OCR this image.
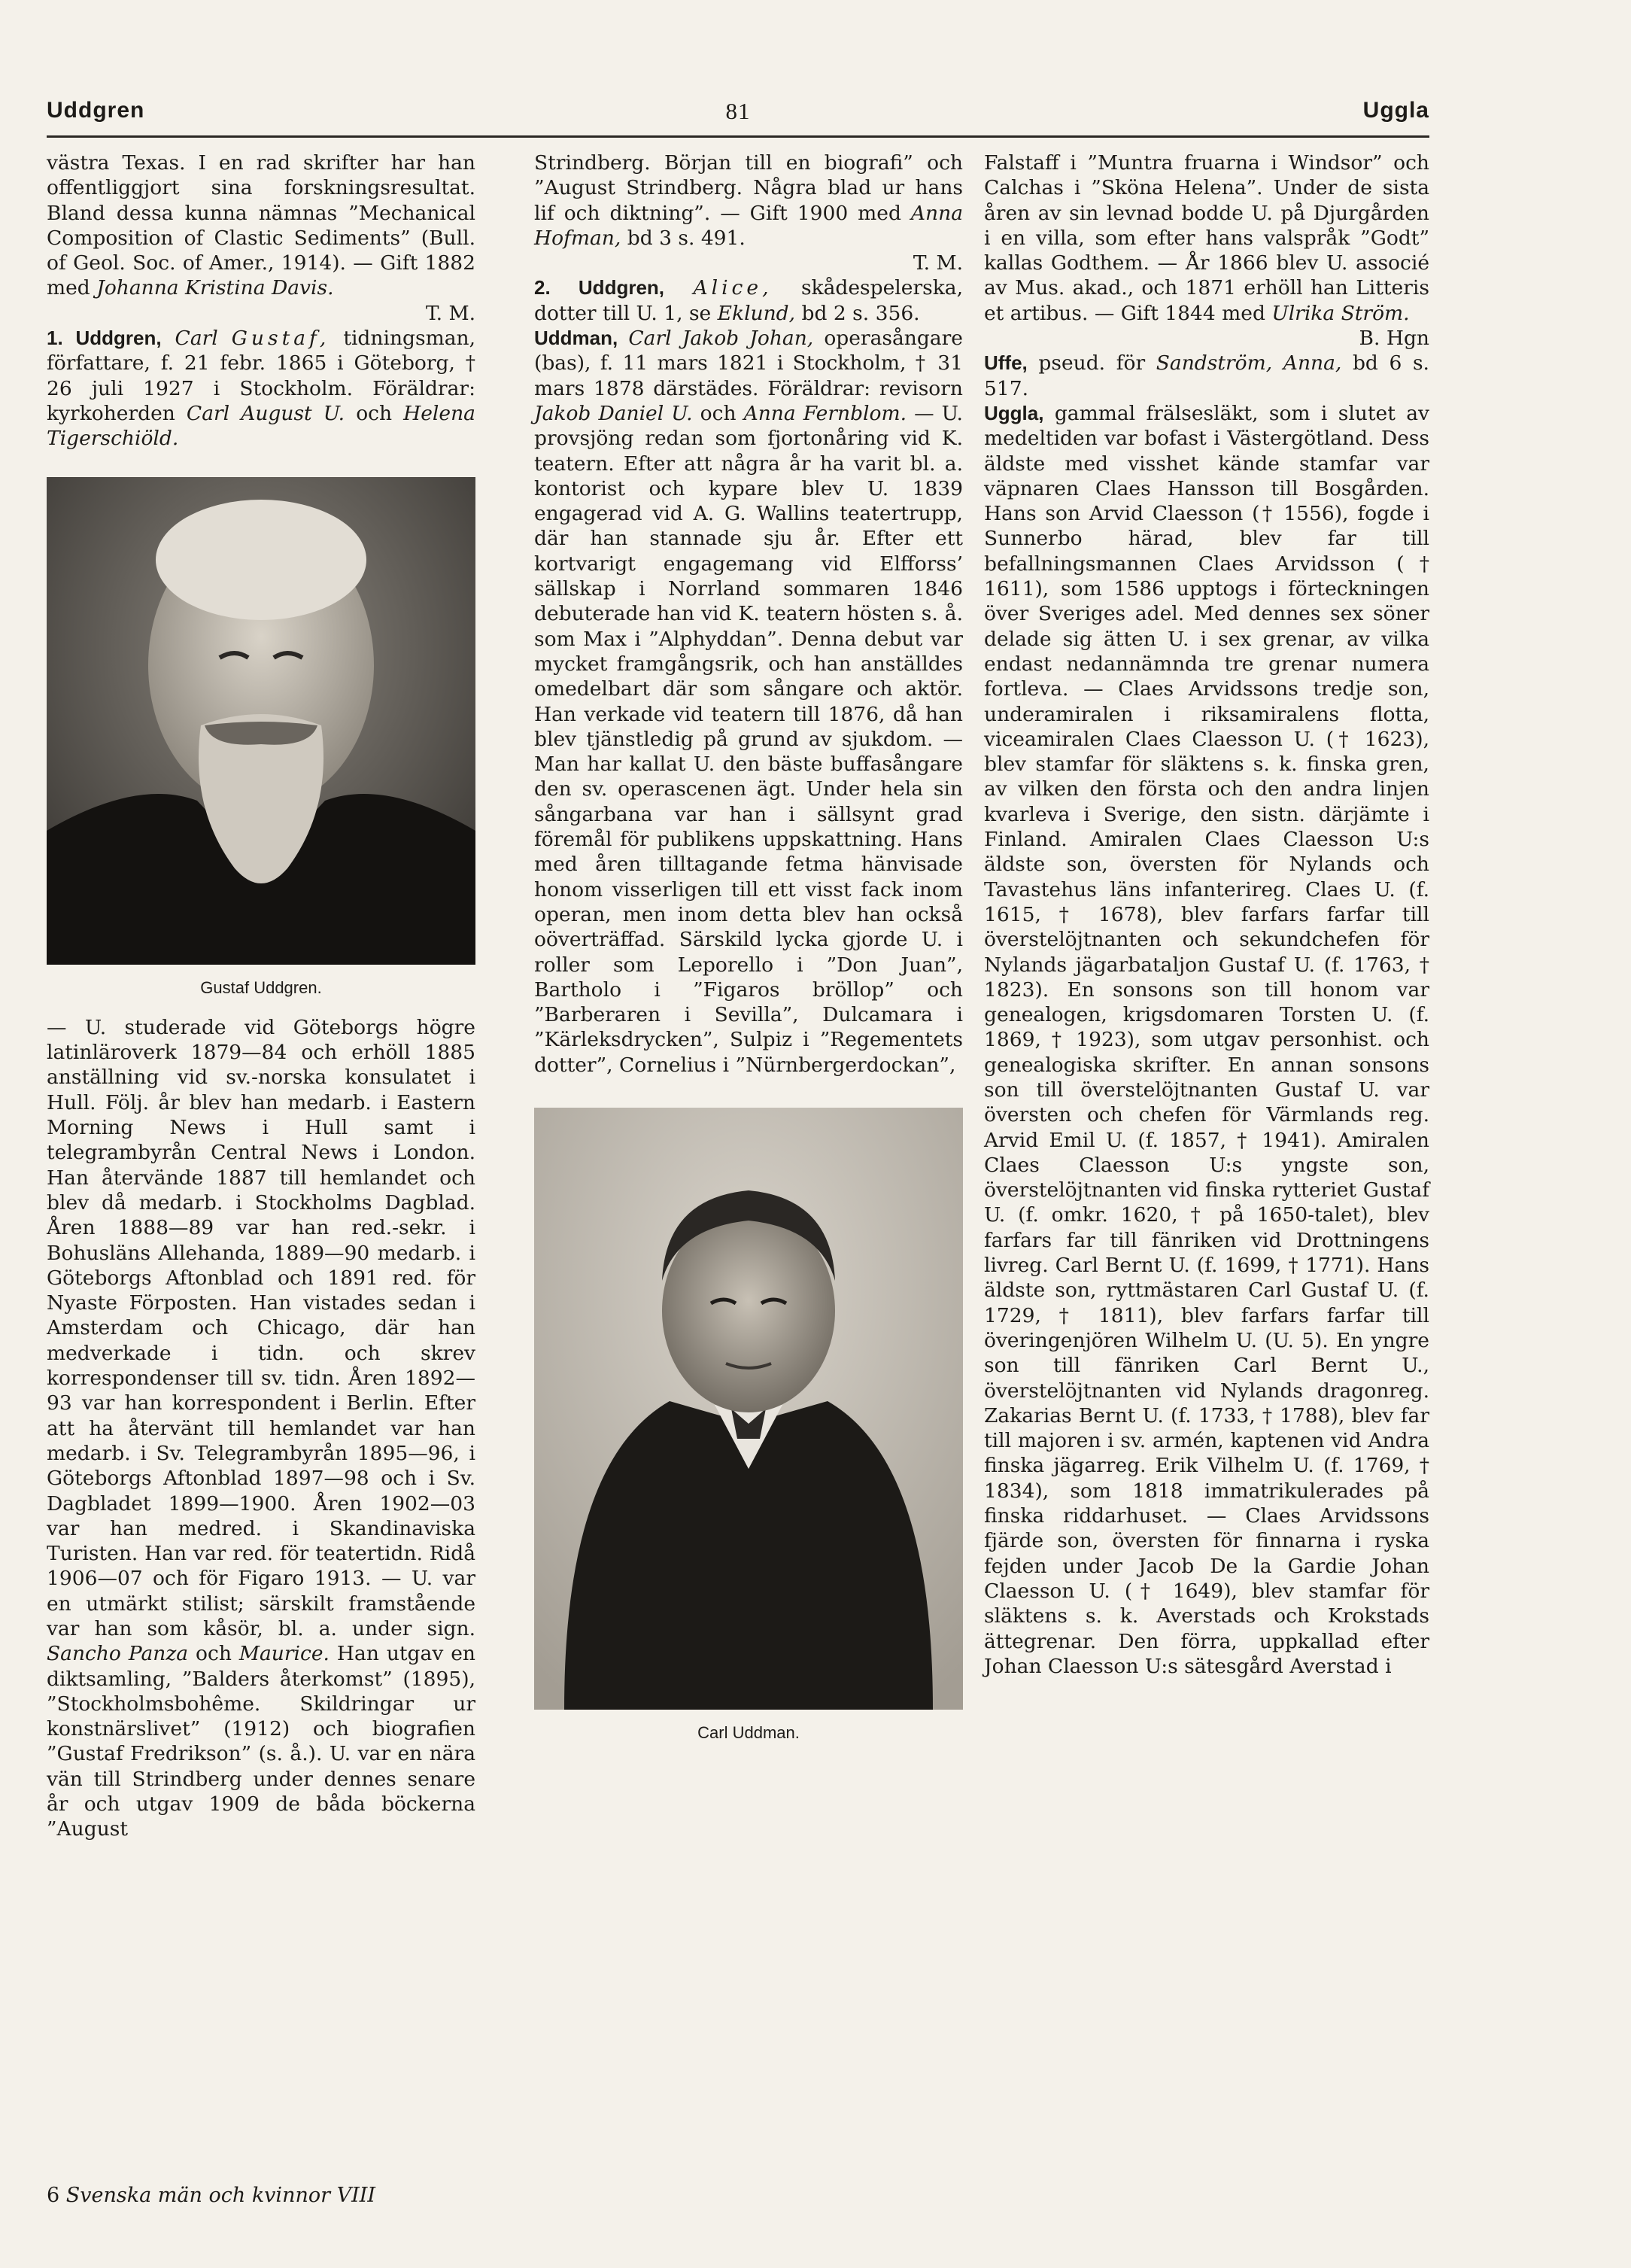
Uddgren	81	Uggla

västra Texas. I en rad skrifter har han offentliggjort sina forskningsresultat. Bland dessa kunna nämnas ”Mechanical Composition of Clastic Sediments” (Bull. of Geol. Soc. of Amer., 1914). — Gift 1882 med Johanna Kristina Davis.
T. M.

1. Uddgren, Carl Gustaf, tidningsman, författare, f. 21 febr. 1865 i Göteborg, † 26 juli 1927 i Stockholm. Föräldrar: kyrkoherden Carl August U. och Helena Tigerschiöld.

Gustaf Uddgren.

— U. studerade vid Göteborgs högre latinläroverk 1879—84 och erhöll 1885 anställning vid sv.-norska konsulatet i Hull. Följ. år blev han medarb. i Eastern Morning News i Hull samt i telegrambyrån Central News i London. Han återvände 1887 till hemlandet och blev då medarb. i Stockholms Dagblad. Åren 1888—89 var han red.-sekr. i Bohusläns Allehanda, 1889—90 medarb. i Göteborgs Aftonblad och 1891 red. för Nyaste Förposten. Han vistades sedan i Amsterdam och Chicago, där han medverkade i tidn. och skrev korrespondenser till sv. tidn. Åren 1892—93 var han korrespondent i Berlin. Efter att ha återvänt till hemlandet var han medarb. i Sv. Telegrambyrån 1895—96, i Göteborgs Aftonblad 1897—98 och i Sv. Dagbladet 1899—1900. Åren 1902—03 var han medred. i Skandinaviska Turisten. Han var red. för teatertidn. Ridå 1906—07 och för Figaro 1913. — U. var en utmärkt stilist; särskilt framstående var han som kåsör, bl. a. under sign. Sancho Panza och Maurice. Han utgav en diktsamling, ”Balders återkomst” (1895), ”Stockholmsbohême. Skildringar ur konstnärslivet” (1912) och biografien ”Gustaf Fredrikson” (s. å.). U. var en nära vän till Strindberg under dennes senare år och utgav 1909 de båda böckerna ”August

Strindberg. Början till en biografi” och ”August Strindberg. Några blad ur hans lif och diktning”. — Gift 1900 med Anna Hofman, bd 3 s. 491.
T. M.

2. Uddgren, Alice, skådespelerska, dotter till U. 1, se Eklund, bd 2 s. 356.

Uddman, Carl Jakob Johan, operasångare (bas), f. 11 mars 1821 i Stockholm, † 31 mars 1878 därstädes. Föräldrar: revisorn Jakob Daniel U. och Anna Fernblom. — U. provsjöng redan som fjortonåring vid K. teatern. Efter att några år ha varit bl. a. kontorist och kypare blev U. 1839 engagerad vid A. G. Wallins teatertrupp, där han stannade sju år. Efter ett kortvarigt engagemang vid Elfforss’ sällskap i Norrland sommaren 1846 debuterade han vid K. teatern hösten s. å. som Max i ”Alphyddan”. Denna debut var mycket framgångsrik, och han anställdes omedelbart där som sångare och aktör. Han verkade vid teatern till 1876, då han blev tjänstledig på grund av sjukdom. — Man har kallat U. den bäste buffasångare den sv. operascenen ägt. Under hela sin sångarbana var han i sällsynt grad föremål för publikens uppskattning. Hans med åren tilltagande fetma hänvisade honom visserligen till ett visst fack inom operan, men inom detta blev han också oöverträffad. Särskild lycka gjorde U. i roller som Leporello i ”Don Juan”, Bartholo i ”Figaros bröllop” och ”Barberaren i Sevilla”, Dulcamara i ”Kärleksdrycken”, Sulpiz i ”Regementets dotter”, Cornelius i ”Nürnbergerdockan”,

Carl Uddman.

Falstaff i ”Muntra fruarna i Windsor” och Calchas i ”Sköna Helena”. Under de sista åren av sin levnad bodde U. på Djurgården i en villa, som efter hans valspråk ”Godt” kallas Godthem. — År 1866 blev U. associé av Mus. akad., och 1871 erhöll han Litteris et artibus. — Gift 1844 med Ulrika Ström.
B. Hgn

Uffe, pseud. för Sandström, Anna, bd 6 s. 517.

Uggla, gammal frälsesläkt, som i slutet av medeltiden var bofast i Västergötland. Dess äldste med visshet kände stamfar var väpnaren Claes Hansson till Bosgården. Hans son Arvid Claesson († 1556), fogde i Sunnerbo härad, blev far till befallningsmannen Claes Arvidsson († 1611), som 1586 upptogs i förteckningen över Sveriges adel. Med dennes sex söner delade sig ätten U. i sex grenar, av vilka endast nedannämnda tre grenar numera fortleva. — Claes Arvidssons tredje son, underamiralen i riksamiralens flotta, viceamiralen Claes Claesson U. († 1623), blev stamfar för släktens s. k. finska gren, av vilken den första och den andra linjen kvarleva i Sverige, den sistn. därjämte i Finland. Amiralen Claes Claesson U:s äldste son, översten för Nylands och Tavastehus läns infanterireg. Claes U. (f. 1615, † 1678), blev farfars farfar till överstelöjtnanten och sekundchefen för Nylands jägarbataljon Gustaf U. (f. 1763, † 1823). En sonsons son till honom var genealogen, krigsdomaren Torsten U. (f. 1869, † 1923), som utgav personhist. och genealogiska skrifter. En annan sonsons son till överstelöjtnanten Gustaf U. var översten och chefen för Värmlands reg. Arvid Emil U. (f. 1857, † 1941). Amiralen Claes Claesson U:s yngste son, överstelöjtnanten vid finska rytteriet Gustaf U. (f. omkr. 1620, † på 1650-talet), blev farfars far till fänriken vid Drottningens livreg. Carl Bernt U. (f. 1699, † 1771). Hans äldste son, ryttmästaren Carl Gustaf U. (f. 1729, † 1811), blev farfars farfar till överingenjören Wilhelm U. (U. 5). En yngre son till fänriken Carl Bernt U., överstelöjtnanten vid Nylands dragonreg. Zakarias Bernt U. (f. 1733, † 1788), blev far till majoren i sv. armén, kaptenen vid Andra finska jägarreg. Erik Vilhelm U. (f. 1769, † 1834), som 1818 immatrikulerades på finska riddarhuset. — Claes Arvidssons fjärde son, översten för finnarna i ryska fejden under Jacob De la Gardie Johan Claesson U. († 1649), blev stamfar för släktens s. k. Averstads och Krokstads ättegrenar. Den förra, uppkallad efter Johan Claesson U:s sätesgård Averstad i

6 Svenska män och kvinnor VIII
